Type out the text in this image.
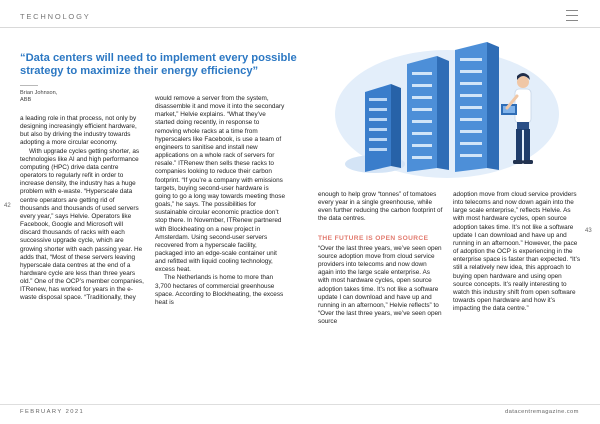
TECHNOLOGY
“Data centers will need to implement every possible strategy to maximize their energy efficiency”
Brian Johnson,
ABB

a leading role in that process, not only by designing increasingly efficient hardware, but also by driving the industry towards adopting a more circular economy.

With upgrade cycles getting shorter, as technologies like AI and high performance computing (HPC) drive data centre operators to regularly refit in order to increase density, the industry has a huge problem with e-waste. “Hyperscale data centre operators are getting rid of thousands and thousands of used servers every year,” says Helvie. Operators like Facebook, Google and Microsoft will discard thousands of racks with each successive upgrade cycle, which are growing shorter with each passing year. He adds that, “Most of these servers leaving hyperscale data centres at the end of a hardware cycle are less than three years old.” One of the OCP’s member companies, ITRenew, has worked for years in the e-waste disposal space. “Traditionally, they

would remove a server from the system, disassemble it and move it into the secondary market,” Helvie explains. “What they’ve started doing recently, in response to removing whole racks at a time from hyperscalers like Facebook, is use a team of engineers to sanitise and install new applications on a whole rack of servers for resale.” ITRenew then sells these racks to companies looking to reduce their carbon footprint. “If you’re a company with emissions targets, buying second-user hardware is going to go a long way towards meeting those goals,” he says. The possibilities for sustainable circular economic practice don’t stop there. In November, ITRenew partnered with Blockheating on a new project in Amsterdam. Using second-user servers recovered from a hyperscale facility, packaged into an edge-scale container unit and refitted with liquid cooling technology, excess heat.

The Netherlands is home to more than 3,700 hectares of commercial greenhouse space. According to Blockheating, the excess heat is

enough to help grow “tonnes” of tomatoes every year in a single greenhouse, while even further reducing the carbon footprint of the data centres.

THE FUTURE IS OPEN SOURCE

“Over the last three years, we’ve seen open source adoption move from cloud service providers into telecoms and now down again into the large scale enterprise. As with most hardware cycles, open source adoption takes time. It’s not like a software update I can download and have up and running in an afternoon,” Helvie reflects” to “Over the last three years, we’ve seen open source

adoption move from cloud service providers into telecoms and now down again into the large scale enterprise,” reflects Helvie. As with most hardware cycles, open source adoption takes time. It’s not like a software update I can download and have up and running in an afternoon.” However, the pace of adoption the OCP is experiencing in the enterprise space is faster than expected. “It’s still a relatively new idea, this approach to buying open hardware and using open source concepts. It’s really interesting to watch this industry shift from open software towards open hardware and how it’s impacting the data centre.”

42
43
FEBRUARY 2021	datacentremagazine.com
